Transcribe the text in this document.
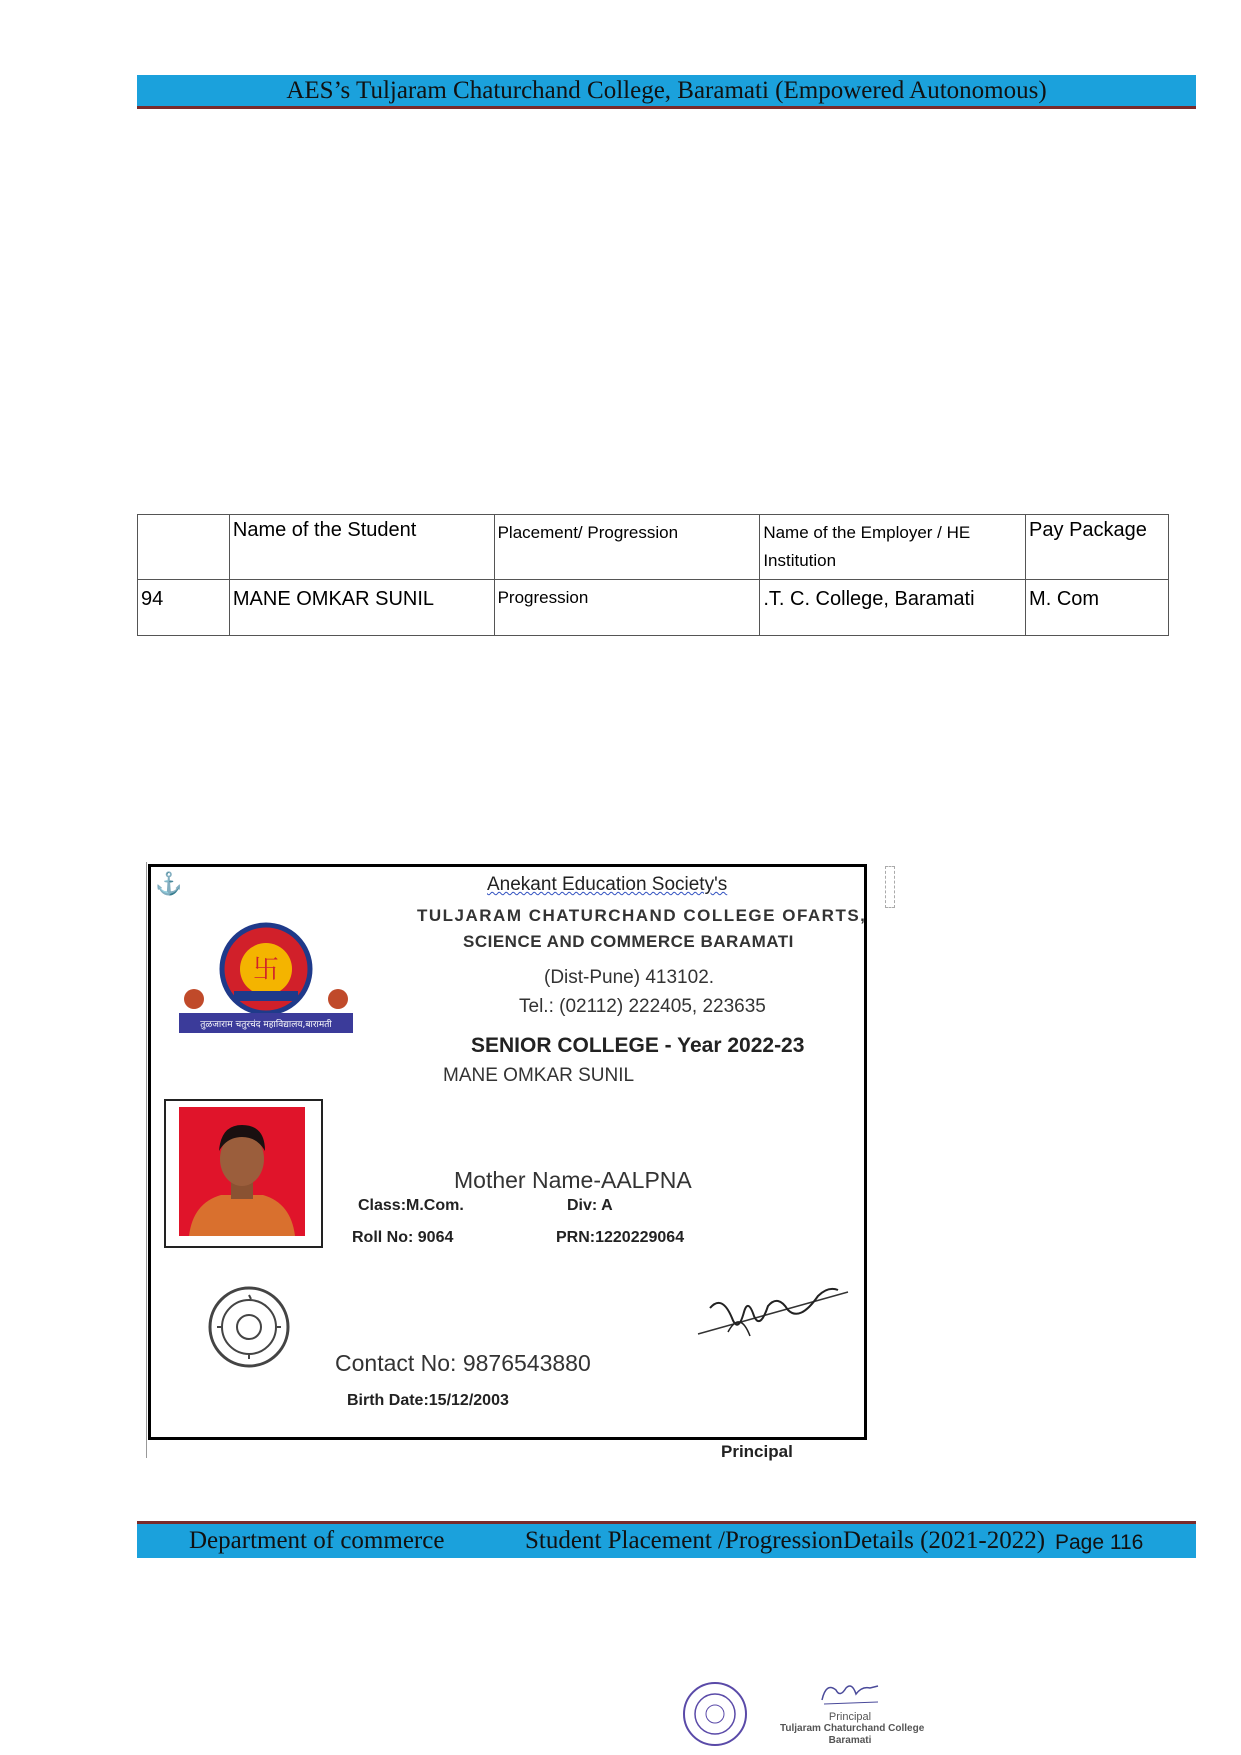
AES’s Tuljaram Chaturchand College, Baramati (Empowered Autonomous)
	Name of the Student	Placement/ Progression	Name of the Employer / HE Institution	Pay Package
94	MANE OMKAR SUNIL	Progression	.T. C. College, Baramati	M. Com
⚓
卐
तुळजाराम चतुरचंद महाविद्यालय,बारामती
Anekant Education Society's
TULJARAM CHATURCHAND COLLEGE OFARTS,
SCIENCE AND COMMERCE BARAMATI
(Dist-Pune) 413102.
Tel.: (02112) 222405, 223635
SENIOR COLLEGE - Year 2022-23
MANE OMKAR SUNIL
Mother Name-AALPNA
Class:M.Com.	Div: A
Roll No: 9064	PRN:1220229064
Contact No: 9876543880
Birth Date:15/12/2003
Principal
Department of commerce	Student Placement /ProgressionDetails (2021-2022) Page 116
Principal
Tuljaram Chaturchand College
Baramati
